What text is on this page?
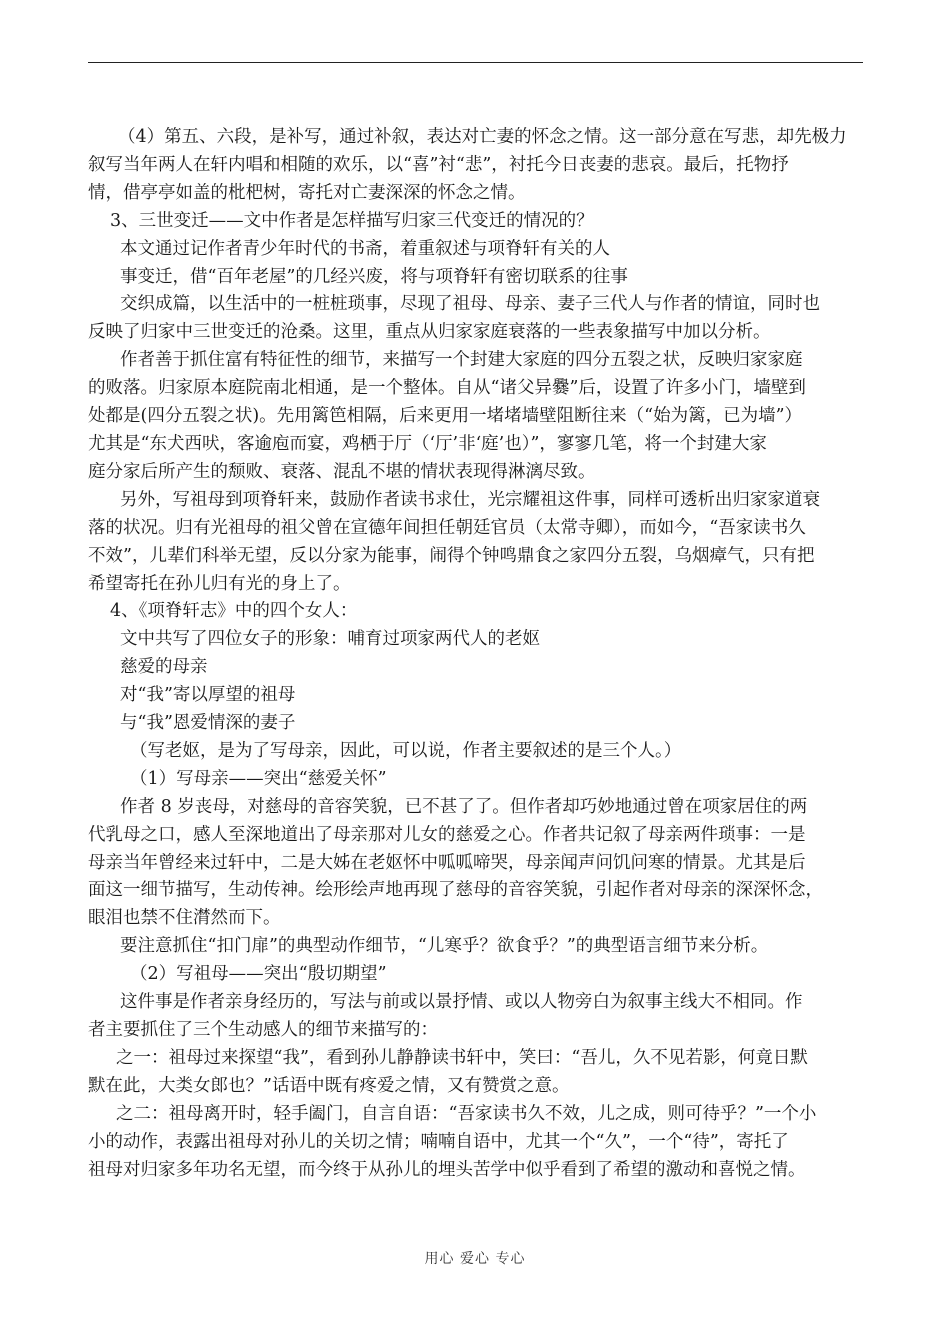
（4）第五、六段，是补写，通过补叙，表达对亡妻的怀念之情。这一部分意在写悲，却先极力

叙写当年两人在轩内唱和相随的欢乐，以“喜”衬“悲”，衬托今日丧妻的悲哀。最后，托物抒

情，借亭亭如盖的枇杷树，寄托对亡妻深深的怀念之情。

3、三世变迁——文中作者是怎样描写归家三代变迁的情况的？

本文通过记作者青少年时代的书斋，着重叙述与项脊轩有关的人

事变迁，借“百年老屋”的几经兴废，将与项脊轩有密切联系的往事

交织成篇，以生活中的一桩桩琐事，尽现了祖母、母亲、妻子三代人与作者的情谊，同时也

反映了归家中三世变迁的沧桑。这里，重点从归家家庭衰落的一些表象描写中加以分析。

作者善于抓住富有特征性的细节，来描写一个封建大家庭的四分五裂之状，反映归家家庭

的败落。归家原本庭院南北相通，是一个整体。自从“诸父异爨”后，设置了许多小门，墙壁到

处都是(四分五裂之状)。先用篱笆相隔，后来更用一堵堵墙壁阻断往来（“始为篱，已为墙”）

尤其是“东犬西吠，客逾庖而宴，鸡栖于厅（‘厅’非‘庭’也）”，寥寥几笔，将一个封建大家

庭分家后所产生的颓败、衰落、混乱不堪的情状表现得淋漓尽致。

另外，写祖母到项脊轩来，鼓励作者读书求仕，光宗耀祖这件事，同样可透析出归家家道衰

落的状况。归有光祖母的祖父曾在宣德年间担任朝廷官员（太常寺卿），而如今，“吾家读书久

不效”，儿辈们科举无望，反以分家为能事，闹得个钟鸣鼎食之家四分五裂，乌烟瘴气，只有把

希望寄托在孙儿归有光的身上了。

4、《项脊轩志》中的四个女人：

文中共写了四位女子的形象：哺育过项家两代人的老妪

慈爱的母亲

对“我”寄以厚望的祖母

与“我”恩爱情深的妻子

（写老妪，是为了写母亲，因此，可以说，作者主要叙述的是三个人。）

（1）写母亲——突出“慈爱关怀”

作者 8 岁丧母，对慈母的音容笑貌，已不甚了了。但作者却巧妙地通过曾在项家居住的两

代乳母之口，感人至深地道出了母亲那对儿女的慈爱之心。作者共记叙了母亲两件琐事：一是

母亲当年曾经来过轩中，二是大姊在老妪怀中呱呱啼哭，母亲闻声问饥问寒的情景。尤其是后

面这一细节描写，生动传神。绘形绘声地再现了慈母的音容笑貌，引起作者对母亲的深深怀念，

眼泪也禁不住潸然而下。

要注意抓住“扣门扉”的典型动作细节，“儿寒乎？欲食乎？”的典型语言细节来分析。

（2）写祖母——突出“殷切期望”

这件事是作者亲身经历的，写法与前或以景抒情、或以人物旁白为叙事主线大不相同。作

者主要抓住了三个生动感人的细节来描写的：

之一：祖母过来探望“我”，看到孙儿静静读书轩中，笑曰：“吾儿，久不见若影，何竟日默

默在此，大类女郎也？”话语中既有疼爱之情，又有赞赏之意。

之二：祖母离开时，轻手阖门，自言自语：“吾家读书久不效，儿之成，则可待乎？”一个小

小的动作，表露出祖母对孙儿的关切之情；喃喃自语中，尤其一个“久”，一个“待”，寄托了

祖母对归家多年功名无望，而今终于从孙儿的埋头苦学中似乎看到了希望的激动和喜悦之情。

用心 爱心 专心
